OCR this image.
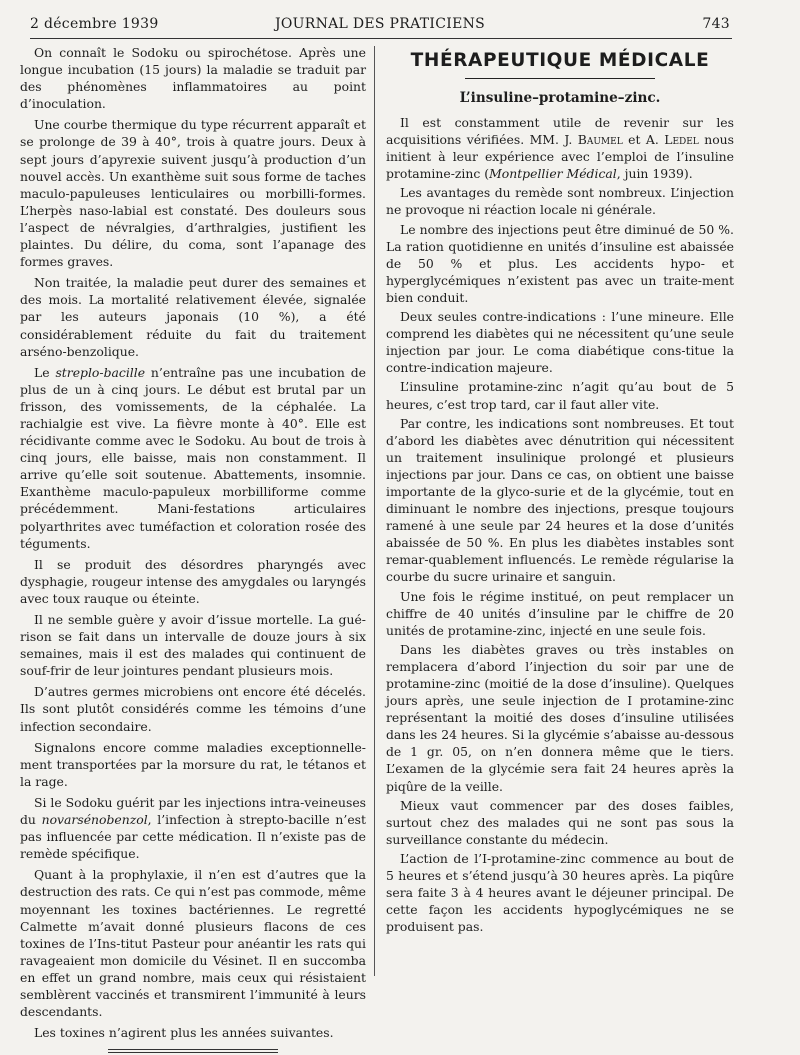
JOURNAL DES PRATICIENS
2 décembre 1939	743

On connaît le Sodoku ou spirochétose. Après une longue incubation (15 jours) la maladie se traduit par des phénomènes inflammatoires au point d’inoculation.

Une courbe thermique du type récurrent apparaît et se prolonge de 39 à 40°, trois à quatre jours. Deux à sept jours d’apyrexie suivent jusqu’à production d’un nouvel accès. Un exanthème suit sous forme de taches maculo-papuleuses lenticulaires ou morbilli-formes. L’herpès naso-labial est constaté. Des douleurs sous l’aspect de névralgies, d’arthralgies, justifient les plaintes. Du délire, du coma, sont l’apanage des formes graves.

Non traitée, la maladie peut durer des semaines et des mois. La mortalité relativement élevée, signalée par les auteurs japonais (10 %), a été considérablement réduite du fait du traitement arséno-benzolique.

Le streplo-bacille n’entraîne pas une incubation de plus de un à cinq jours. Le début est brutal par un frisson, des vomissements, de la céphalée. La rachialgie est vive. La fièvre monte à 40°. Elle est récidivante comme avec le Sodoku. Au bout de trois à cinq jours, elle baisse, mais non constamment. Il arrive qu’elle soit soutenue. Abattements, insomnie. Exanthème maculo-papuleux morbilliforme comme précédemment. Mani-festations articulaires polyarthrites avec tuméfaction et coloration rosée des téguments.

Il se produit des désordres pharyngés avec dysphagie, rougeur intense des amygdales ou laryngés avec toux rauque ou éteinte.

Il ne semble guère y avoir d’issue mortelle. La gué-rison se fait dans un intervalle de douze jours à six semaines, mais il est des malades qui continuent de souf-frir de leur jointures pendant plusieurs mois.

D’autres germes microbiens ont encore été décelés. Ils sont plutôt considérés comme les témoins d’une infection secondaire.

Signalons encore comme maladies exceptionnelle-ment transportées par la morsure du rat, le tétanos et la rage.

Si le Sodoku guérit par les injections intra-veineuses du novarsénobenzol, l’infection à strepto-bacille n’est pas influencée par cette médication. Il n’existe pas de remède spécifique.

Quant à la prophylaxie, il n’en est d’autres que la destruction des rats. Ce qui n’est pas commode, même moyennant les toxines bactériennes. Le regretté Calmette m’avait donné plusieurs flacons de ces toxines de l’Ins-titut Pasteur pour anéantir les rats qui ravageaient mon domicile du Vésinet. Il en succomba en effet un grand nombre, mais ceux qui résistaient semblèrent vaccinés et transmirent l’immunité à leurs descendants.

Les toxines n’agirent plus les années suivantes.

THÉRAPEUTIQUE MÉDICALE
L’insuline–protamine–zinc.

Il est constamment utile de revenir sur les acquisitions vérifiées. MM. J. Baumel et A. Ledel nous initient à leur expérience avec l’emploi de l’insuline protamine-zinc (Montpellier Médical, juin 1939).

Les avantages du remède sont nombreux. L’injection ne provoque ni réaction locale ni générale.

Le nombre des injections peut être diminué de 50 %. La ration quotidienne en unités d’insuline est abaissée de 50 % et plus. Les accidents hypo- et hyperglycémiques n’existent pas avec un traite-ment bien conduit.

Deux seules contre-indications : l’une mineure. Elle comprend les diabètes qui ne nécessitent qu’une seule injection par jour. Le coma diabétique cons-titue la contre-indication majeure.

L’insuline protamine-zinc n’agit qu’au bout de 5 heures, c’est trop tard, car il faut aller vite.

Par contre, les indications sont nombreuses. Et tout d’abord les diabètes avec dénutrition qui nécessitent un traitement insulinique prolongé et plusieurs injections par jour. Dans ce cas, on obtient une baisse importante de la glyco-surie et de la glycémie, tout en diminuant le nombre des injections, presque toujours ramené à une seule par 24 heures et la dose d’unités abaissée de 50 %. En plus les diabètes instables sont remar-quablement influencés. Le remède régularise la courbe du sucre urinaire et sanguin.

Une fois le régime institué, on peut remplacer un chiffre de 40 unités d’insuline par le chiffre de 20 unités de protamine-zinc, injecté en une seule fois.

Dans les diabètes graves ou très instables on remplacera d’abord l’injection du soir par une de protamine-zinc (moitié de la dose d’insuline). Quelques jours après, une seule injection de I protamine-zinc représentant la moitié des doses d’insuline utilisées dans les 24 heures. Si la glycémie s’abaisse au-dessous de 1 gr. 05, on n’en donnera même que le tiers. L’examen de la glycémie sera fait 24 heures après la piqûre de la veille.

Mieux vaut commencer par des doses faibles, surtout chez des malades qui ne sont pas sous la surveillance constante du médecin.

L’action de l’I-protamine-zinc commence au bout de 5 heures et s’étend jusqu’à 30 heures après. La piqûre sera faite 3 à 4 heures avant le déjeuner principal. De cette façon les accidents hypoglycémiques ne se produisent pas.
